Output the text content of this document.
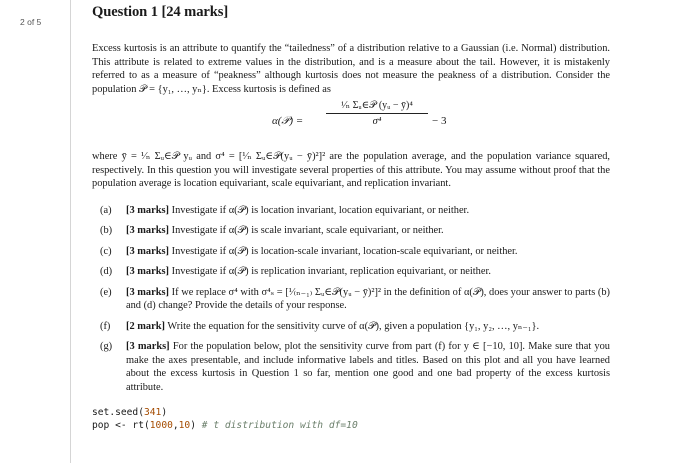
2 of 5
Question 1 [24 marks]

Excess kurtosis is an attribute to quantify the “tailedness” of a distribution relative to a Gaussian (i.e. Normal) distribution. This attribute is related to extreme values in the distribution, and is a measure about the tail. However, it is mistakenly referred to as a measure of “peakness” although kurtosis does not measure the peakness of a distribution. Consider the population 𝒫 = {y₁, …, yₙ}. Excess kurtosis is defined as

α(𝒫) =
¹⁄ₙ Σᵤ∈𝒫 (yᵤ − ȳ)⁴
σ⁴	− 3

where ȳ = ¹⁄ₙ Σᵤ∈𝒫 yᵤ and σ⁴ = [¹⁄ₙ Σᵤ∈𝒫(yᵤ − ȳ)²]² are the population average, and the population variance squared, respectively. In this question you will investigate several properties of this attribute. You may assume without proof that the population average is location equivariant, scale equivariant, and replication invariant.

(a)	[3 marks] Investigate if α(𝒫) is location invariant, location equivariant, or neither.
(b)	[3 marks] Investigate if α(𝒫) is scale invariant, scale equivariant, or neither.
(c)	[3 marks] Investigate if α(𝒫) is location-scale invariant, location-scale equivariant, or neither.
(d)	[3 marks] Investigate if α(𝒫) is replication invariant, replication equivariant, or neither.
(e)	[3 marks] If we replace σ⁴ with σ⁴ₛ = [¹⁄₍ₙ₋₁₎ Σᵤ∈𝒫(yᵤ − ȳ)²]² in the definition of α(𝒫), does your answer to parts (b) and (d) change? Provide the details of your response.
(f)	[2 mark] Write the equation for the sensitivity curve of α(𝒫), given a population {y₁, y₂, …, yₙ₋₁}.
(g)	[3 marks] For the population below, plot the sensitivity curve from part (f) for y ∈ [−10, 10]. Make sure that you make the axes presentable, and include informative labels and titles. Based on this plot and all you have learned about the excess kurtosis in Question 1 so far, mention one good and one bad property of the excess kurtosis attribute.
set.seed(341)
pop <- rt(1000,10) # t distribution with df=10
